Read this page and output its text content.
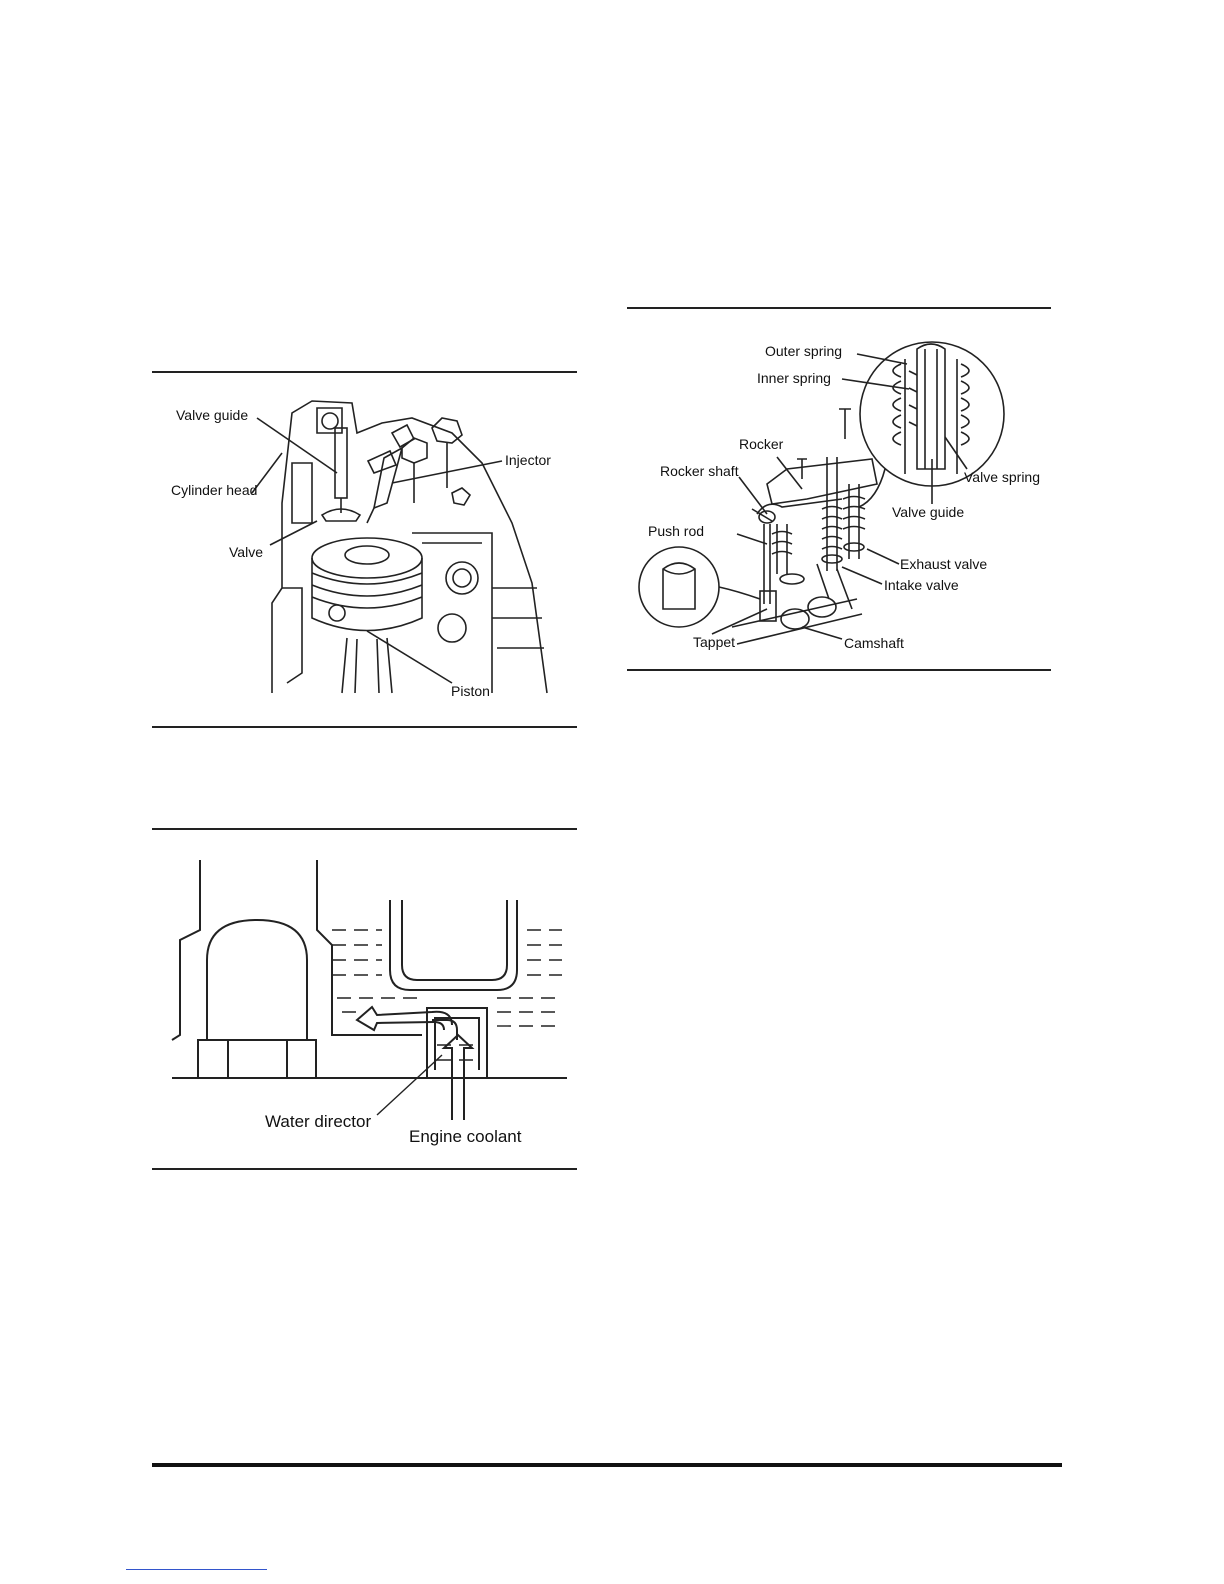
Valve guide
Cylinder head
Valve
Injector
Piston
Outer spring
Inner spring
Rocker
Rocker shaft	Valve spring
Valve guide
Push rod
Exhaust valve
Intake valve
Tappet	Camshaft
Water director
Engine coolant
